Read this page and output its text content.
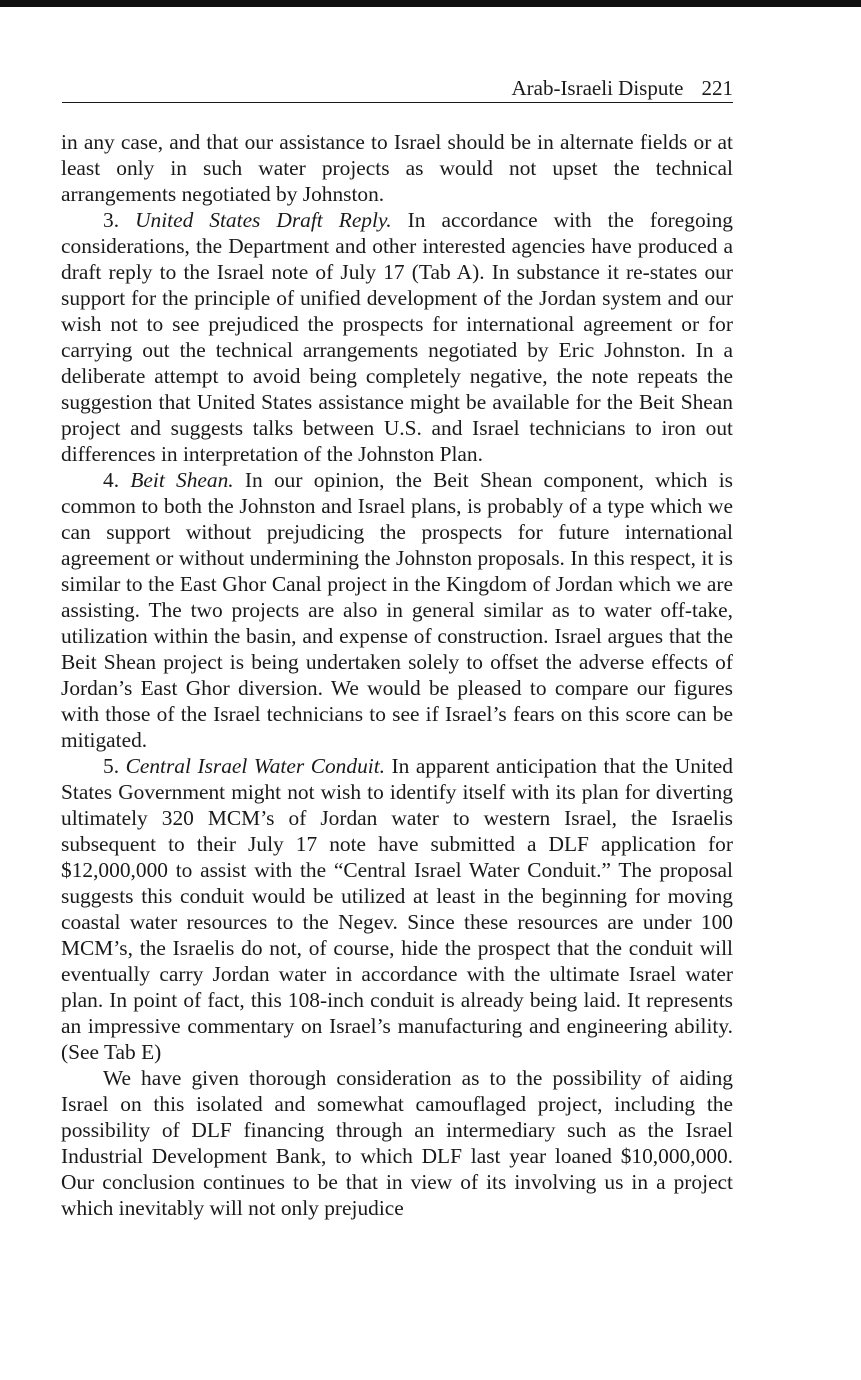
Arab-Israeli Dispute 221

in any case, and that our assistance to Israel should be in alternate fields or at least only in such water projects as would not upset the technical arrangements negotiated by Johnston.

3. United States Draft Reply. In accordance with the foregoing considerations, the Department and other interested agencies have produced a draft reply to the Israel note of July 17 (Tab A). In substance it re-states our support for the principle of unified development of the Jordan system and our wish not to see prejudiced the prospects for international agreement or for carrying out the technical arrangements negotiated by Eric Johnston. In a deliberate attempt to avoid being completely negative, the note repeats the suggestion that United States assistance might be available for the Beit Shean project and suggests talks between U.S. and Israel technicians to iron out differences in interpretation of the Johnston Plan.

4. Beit Shean. In our opinion, the Beit Shean component, which is common to both the Johnston and Israel plans, is probably of a type which we can support without prejudicing the prospects for future international agreement or without undermining the Johnston proposals. In this respect, it is similar to the East Ghor Canal project in the Kingdom of Jordan which we are assisting. The two projects are also in general similar as to water off-take, utilization within the basin, and expense of construction. Israel argues that the Beit Shean project is being undertaken solely to offset the adverse effects of Jordan’s East Ghor diversion. We would be pleased to compare our figures with those of the Israel technicians to see if Israel’s fears on this score can be mitigated.

5. Central Israel Water Conduit. In apparent anticipation that the United States Government might not wish to identify itself with its plan for diverting ultimately 320 MCM’s of Jordan water to western Israel, the Israelis subsequent to their July 17 note have submitted a DLF application for $12,000,000 to assist with the “Central Israel Water Conduit.” The proposal suggests this conduit would be utilized at least in the beginning for moving coastal water resources to the Negev. Since these resources are under 100 MCM’s, the Israelis do not, of course, hide the prospect that the conduit will eventually carry Jordan water in accordance with the ultimate Israel water plan. In point of fact, this 108-inch conduit is already being laid. It represents an impressive commentary on Israel’s manufacturing and engineering ability. (See Tab E)

We have given thorough consideration as to the possibility of aiding Israel on this isolated and somewhat camouflaged project, including the possibility of DLF financing through an intermediary such as the Israel Industrial Development Bank, to which DLF last year loaned $10,000,000. Our conclusion continues to be that in view of its involving us in a project which inevitably will not only prejudice
